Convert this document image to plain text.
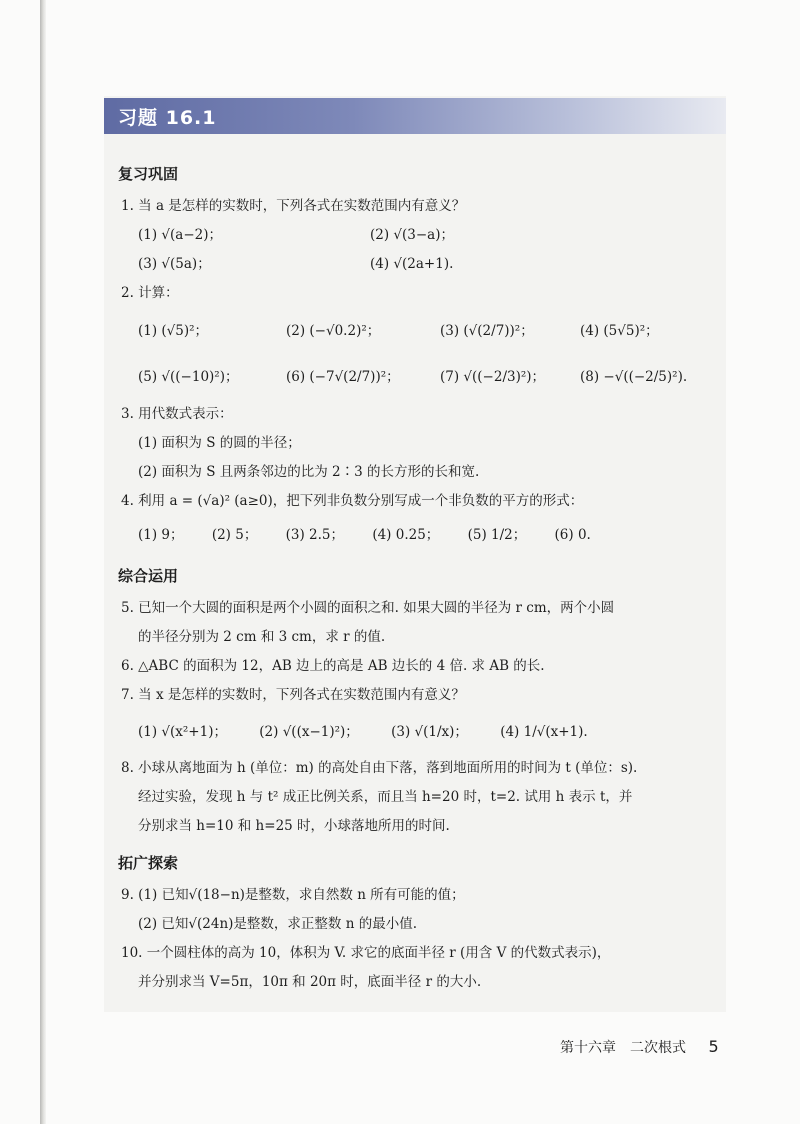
习题 16.1
复习巩固
1. 当 a 是怎样的实数时，下列各式在实数范围内有意义？
(1) √(a−2)；	(2) √(3−a)；
(3) √(5a)；	(4) √(2a+1).
2. 计算：
(1) (√5)²；	(2) (−√0.2)²；	(3) (√(2/7))²；	(4) (5√5)²；
(5) √((−10)²)；	(6) (−7√(2/7))²；	(7) √((−2/3)²)；	(8) −√((−2/5)²).
3. 用代数式表示：
(1) 面积为 S 的圆的半径；
(2) 面积为 S 且两条邻边的比为 2∶3 的长方形的长和宽.
4. 利用 a = (√a)² (a≥0)，把下列非负数分别写成一个非负数的平方的形式：
(1) 9； (2) 5； (3) 2.5； (4) 0.25； (5) 1/2； (6) 0.
综合运用
5. 已知一个大圆的面积是两个小圆的面积之和. 如果大圆的半径为 r cm，两个小圆
的半径分别为 2 cm 和 3 cm，求 r 的值.
6. △ABC 的面积为 12，AB 边上的高是 AB 边长的 4 倍. 求 AB 的长.
7. 当 x 是怎样的实数时，下列各式在实数范围内有意义？
(1) √(x²+1)； (2) √((x−1)²)； (3) √(1/x)； (4) 1/√(x+1).
8. 小球从离地面为 h (单位：m) 的高处自由下落，落到地面所用的时间为 t (单位：s).
经过实验，发现 h 与 t² 成正比例关系，而且当 h=20 时，t=2. 试用 h 表示 t，并
分别求当 h=10 和 h=25 时，小球落地所用的时间.
拓广探索
9. (1) 已知√(18−n)是整数，求自然数 n 所有可能的值；
(2) 已知√(24n)是整数，求正整数 n 的最小值.
10. 一个圆柱体的高为 10，体积为 V. 求它的底面半径 r (用含 V 的代数式表示)，
并分别求当 V=5π，10π 和 20π 时，底面半径 r 的大小.
第十六章　二次根式 5
